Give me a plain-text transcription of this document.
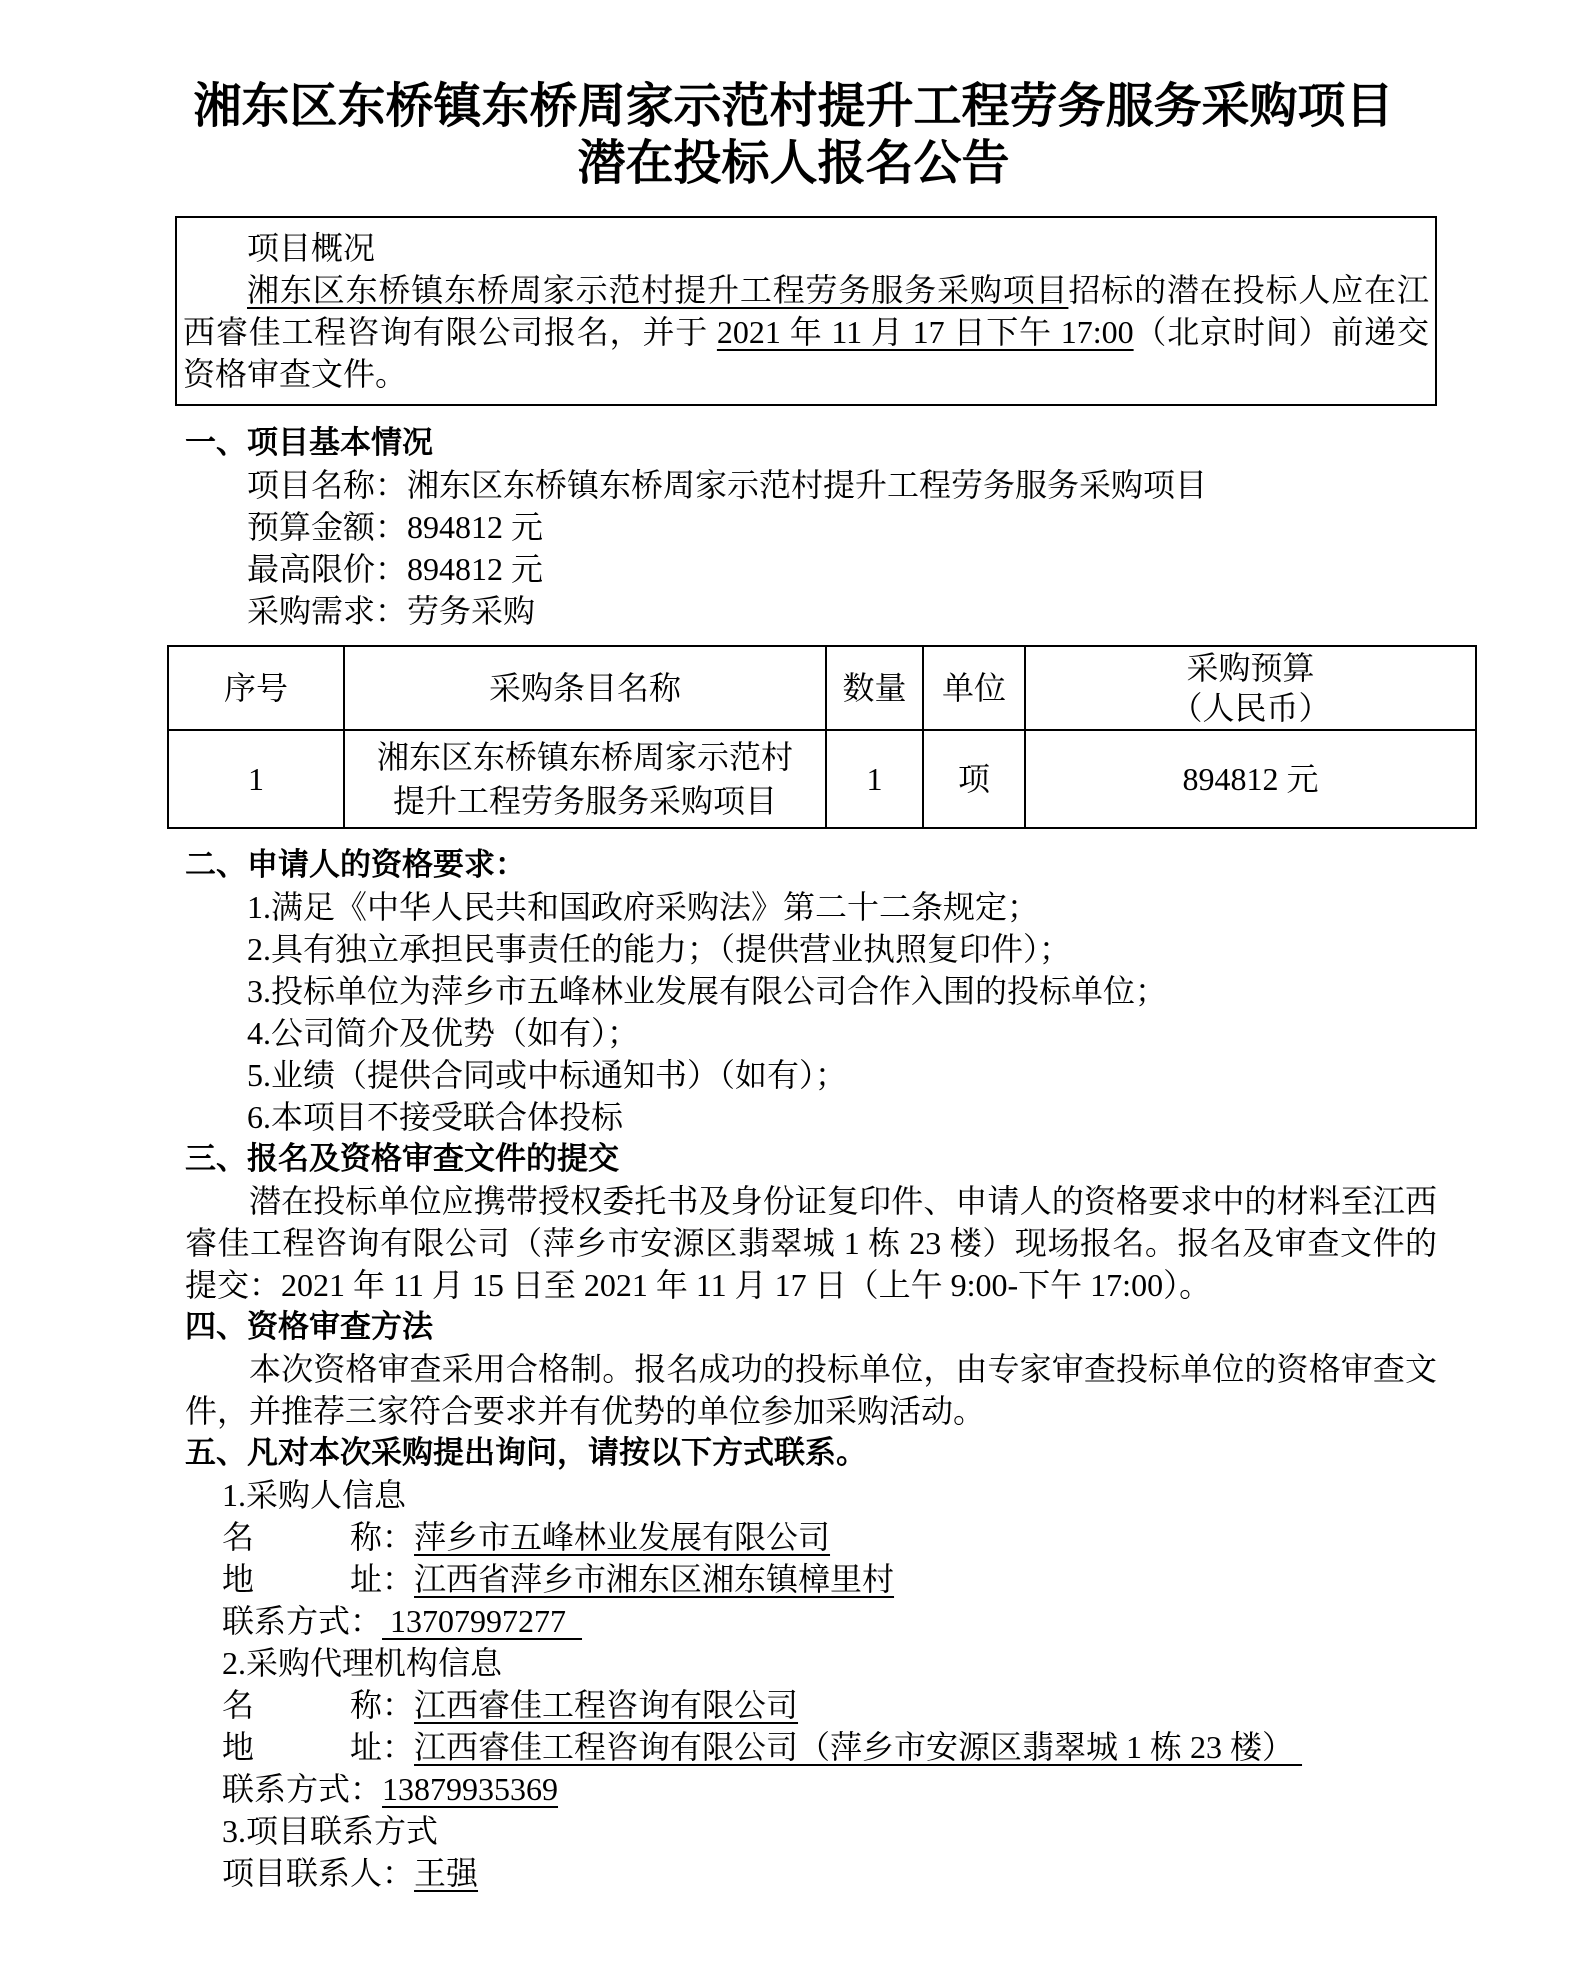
湘东区东桥镇东桥周家示范村提升工程劳务服务采购项目
潜在投标人报名公告
项目概况
湘东区东桥镇东桥周家示范村提升工程劳务服务采购项目招标的潜在投标人应在江西睿佳工程咨询有限公司报名，并于 2021 年 11 月 17 日下午 17:00（北京时间）前递交资格审查文件。
一、项目基本情况
项目名称：湘东区东桥镇东桥周家示范村提升工程劳务服务采购项目
预算金额：894812 元
最高限价：894812 元
采购需求：劳务采购
序号	采购条目名称	数量	单位	采购预算
（人民币）

1	湘东区东桥镇东桥周家示范村提升工程劳务服务采购项目	1	项	894812 元
二、申请人的资格要求：
1.满足《中华人民共和国政府采购法》第二十二条规定；
2.具有独立承担民事责任的能力；（提供营业执照复印件）；
3.投标单位为萍乡市五峰林业发展有限公司合作入围的投标单位；
4.公司简介及优势（如有）；
5.业绩（提供合同或中标通知书）（如有）；
6.本项目不接受联合体投标
三、报名及资格审查文件的提交
潜在投标单位应携带授权委托书及身份证复印件、申请人的资格要求中的材料至江西睿佳工程咨询有限公司（萍乡市安源区翡翠城 1 栋 23 楼）现场报名。报名及审查文件的提交：2021 年 11 月 15 日至 2021 年 11 月 17 日（上午 9:00-下午 17:00）。
四、资格审查方法
本次资格审查采用合格制。报名成功的投标单位，由专家审查投标单位的资格审查文件，并推荐三家符合要求并有优势的单位参加采购活动。
五、凡对本次采购提出询问，请按以下方式联系。
1.采购人信息
名　　　称：萍乡市五峰林业发展有限公司
地　　　址：江西省萍乡市湘东区湘东镇樟里村
联系方式： 13707997277
2.采购代理机构信息
名　　　称：江西睿佳工程咨询有限公司
地　　　址：江西睿佳工程咨询有限公司（萍乡市安源区翡翠城 1 栋 23 楼）
联系方式：13879935369
3.项目联系方式
项目联系人：王强
